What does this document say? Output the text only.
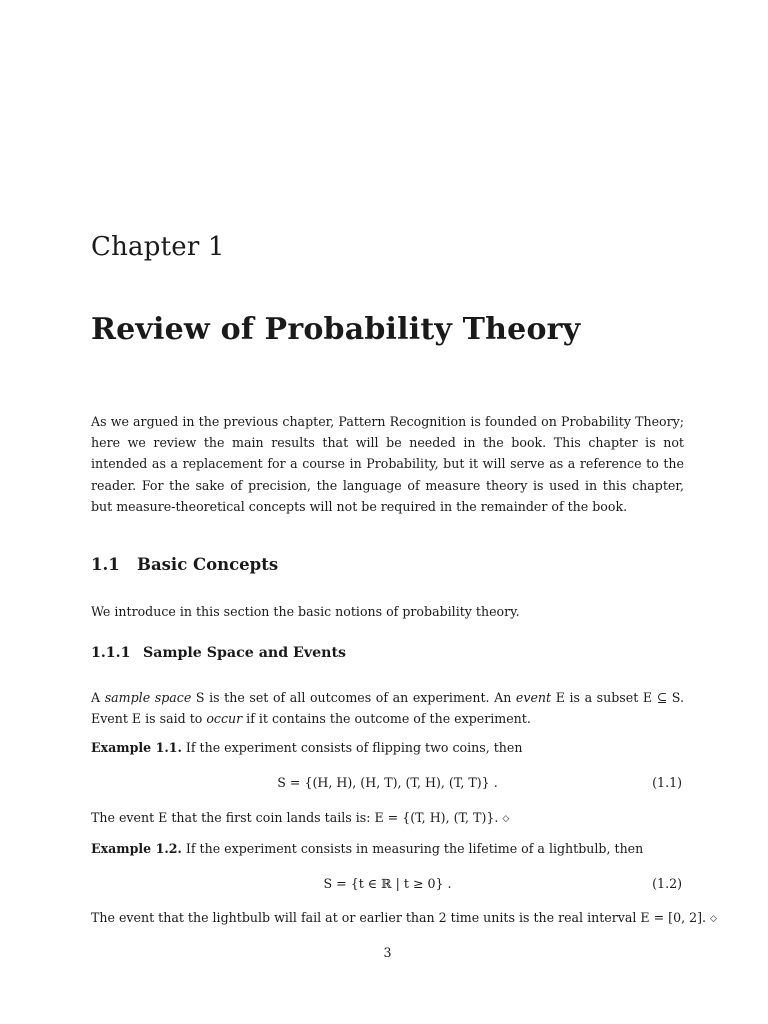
Chapter 1
Review of Probability Theory
As we argued in the previous chapter, Pattern Recognition is founded on Probability Theory; here we review the main results that will be needed in the book. This chapter is not intended as a replacement for a course in Probability, but it will serve as a reference to the reader. For the sake of precision, the language of measure theory is used in this chapter, but measure-theoretical concepts will not be required in the remainder of the book.
1.1 Basic Concepts
We introduce in this section the basic notions of probability theory.
1.1.1 Sample Space and Events
A sample space S is the set of all outcomes of an experiment. An event E is a subset E ⊆ S. Event E is said to occur if it contains the outcome of the experiment.
Example 1.1. If the experiment consists of flipping two coins, then
S = {(H, H), (H, T), (T, H), (T, T)} .	(1.1)
The event E that the first coin lands tails is: E = {(T, H), (T, T)}. ◇
Example 1.2. If the experiment consists in measuring the lifetime of a lightbulb, then
S = {t ∈ ℝ | t ≥ 0} .	(1.2)
The event that the lightbulb will fail at or earlier than 2 time units is the real interval E = [0, 2]. ◇
3
